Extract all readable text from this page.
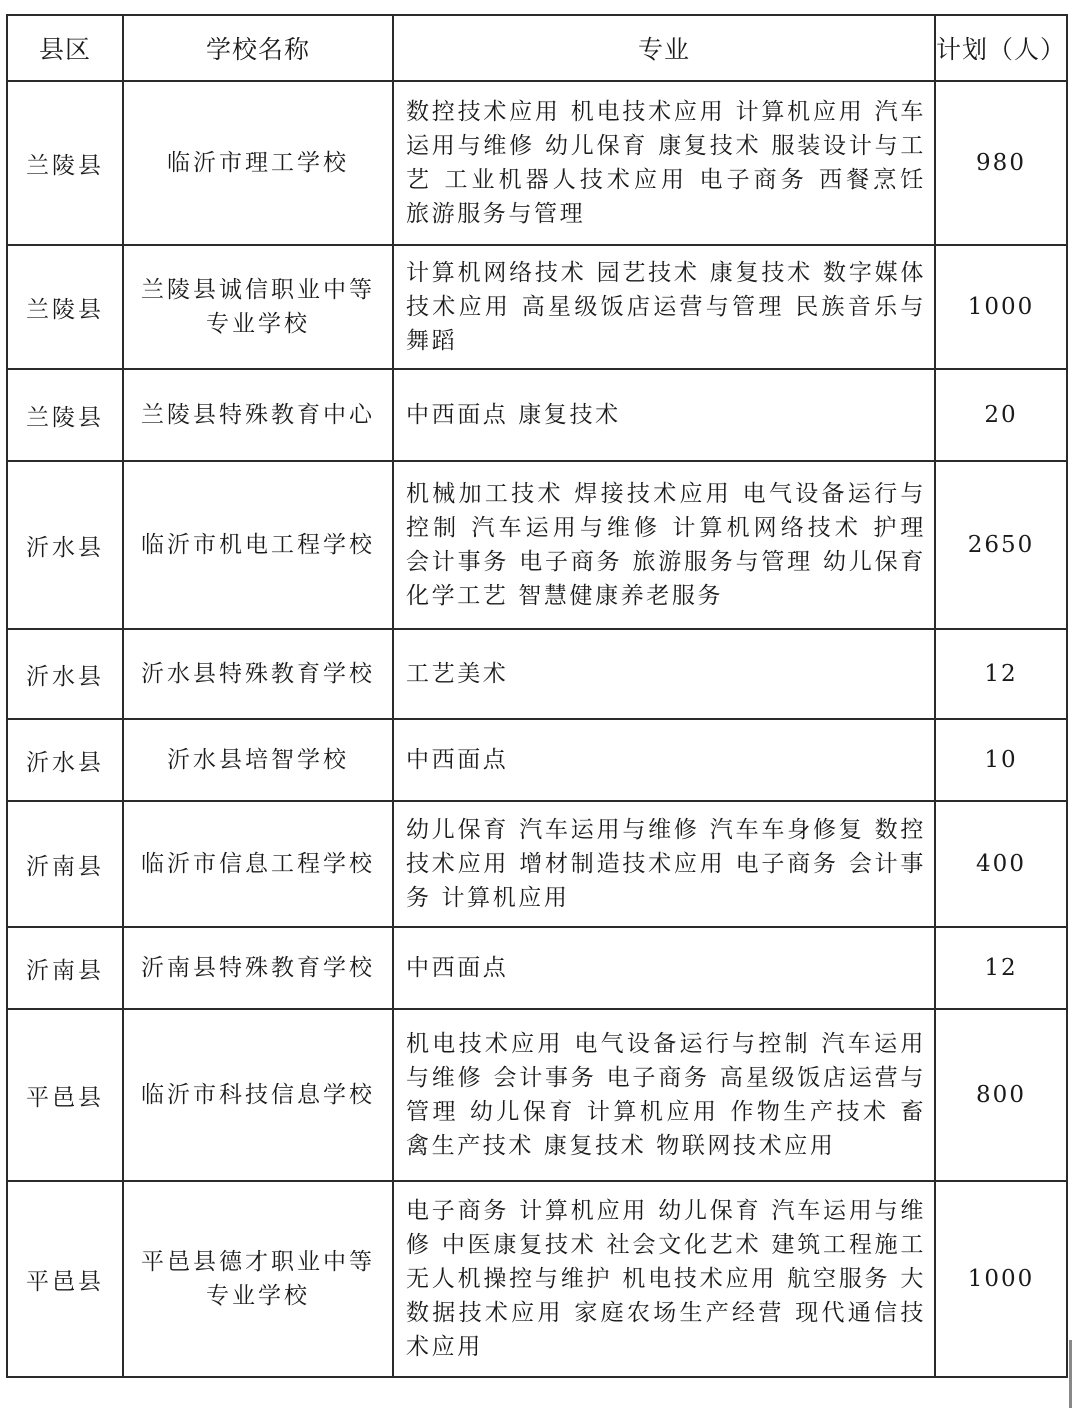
县区	学校名称	专业	计划（人）
兰陵县	临沂市理工学校	数控技术应用 机电技术应用 计算机应用 汽车运用与维修 幼儿保育 康复技术 服装设计与工艺 工业机器人技术应用 电子商务 西餐烹饪 旅游服务与管理	980
兰陵县	兰陵县诚信职业中等专业学校	计算机网络技术 园艺技术 康复技术 数字媒体技术应用 高星级饭店运营与管理 民族音乐与舞蹈	1000
兰陵县	兰陵县特殊教育中心	中西面点 康复技术	20
沂水县	临沂市机电工程学校	机械加工技术 焊接技术应用 电气设备运行与控制 汽车运用与维修 计算机网络技术 护理 会计事务 电子商务 旅游服务与管理 幼儿保育 化学工艺 智慧健康养老服务	2650
沂水县	沂水县特殊教育学校	工艺美术	12
沂水县	沂水县培智学校	中西面点	10
沂南县	临沂市信息工程学校	幼儿保育 汽车运用与维修 汽车车身修复 数控技术应用 增材制造技术应用 电子商务 会计事务 计算机应用	400
沂南县	沂南县特殊教育学校	中西面点	12
平邑县	临沂市科技信息学校	机电技术应用 电气设备运行与控制 汽车运用与维修 会计事务 电子商务 高星级饭店运营与管理 幼儿保育 计算机应用 作物生产技术 畜禽生产技术 康复技术 物联网技术应用	800
平邑县	平邑县德才职业中等专业学校	电子商务 计算机应用 幼儿保育 汽车运用与维修 中医康复技术 社会文化艺术 建筑工程施工 无人机操控与维护 机电技术应用 航空服务 大数据技术应用 家庭农场生产经营 现代通信技术应用	1000
